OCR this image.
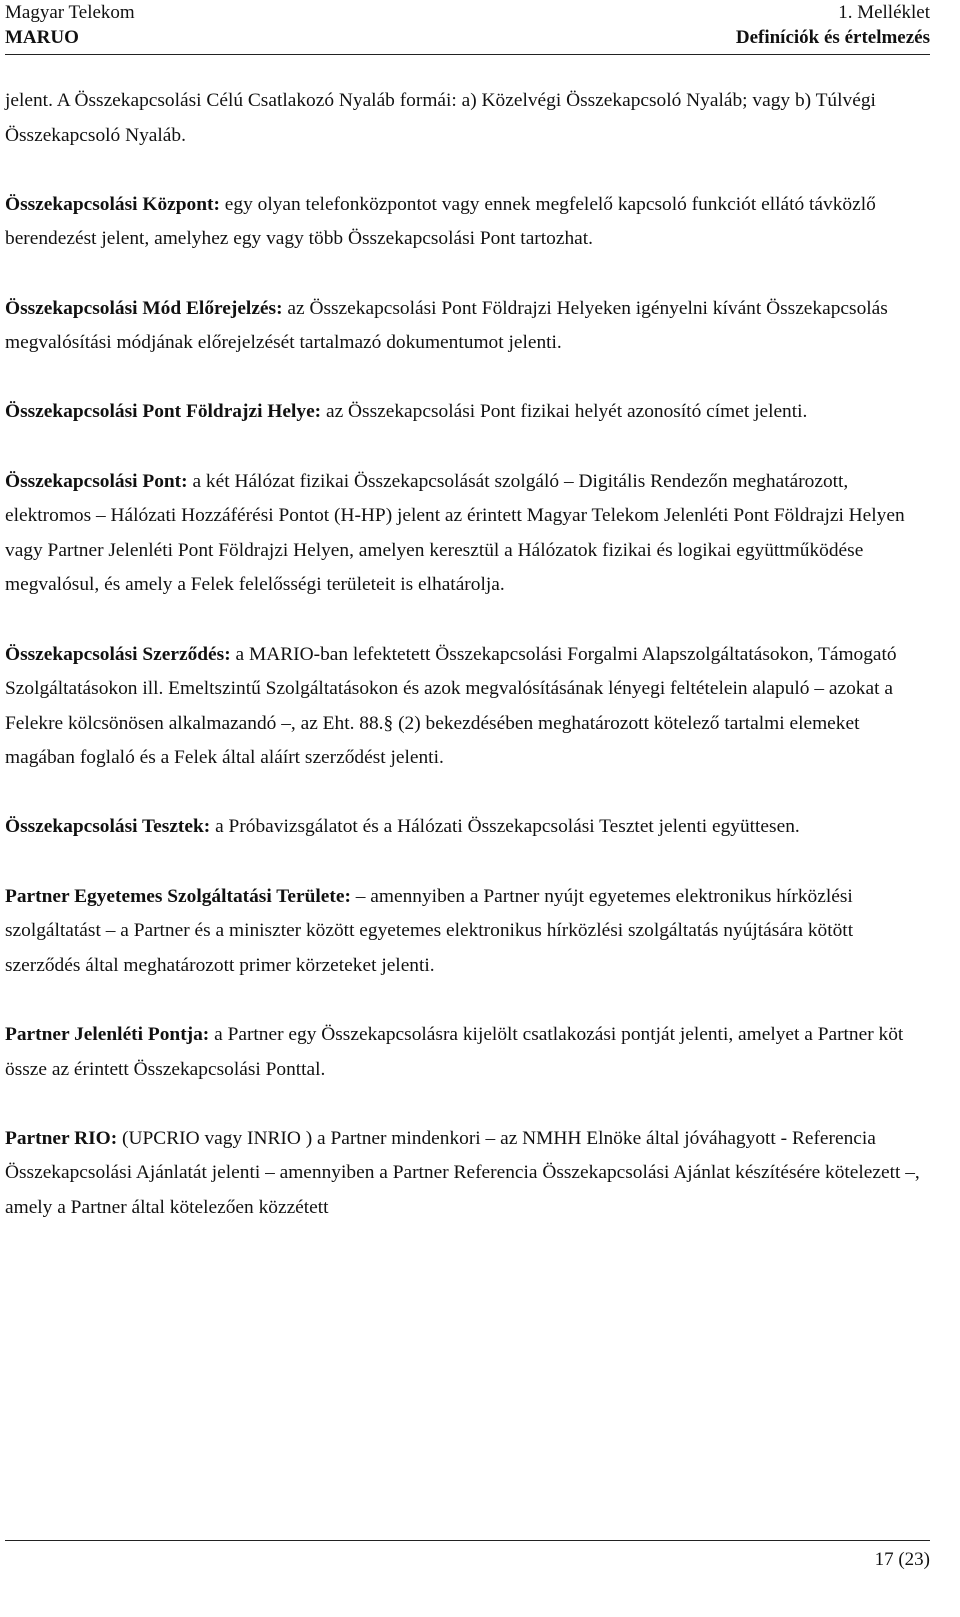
Magyar Telekom	1. Melléklet
MARUO	Definíciók és értelmezés

jelent. A Összekapcsolási Célú Csatlakozó Nyaláb formái: a) Közelvégi Összekapcsoló Nyaláb; vagy b) Túlvégi Összekapcsoló Nyaláb.

Összekapcsolási Központ: egy olyan telefonközpontot vagy ennek megfelelő kapcsoló funkciót ellátó távközlő berendezést jelent, amelyhez egy vagy több Összekapcsolási Pont tartozhat.

Összekapcsolási Mód Előrejelzés: az Összekapcsolási Pont Földrajzi Helyeken igényelni kívánt Összekapcsolás megvalósítási módjának előrejelzését tartalmazó dokumentumot jelenti.

Összekapcsolási Pont Földrajzi Helye: az Összekapcsolási Pont fizikai helyét azonosító címet jelenti.

Összekapcsolási Pont: a két Hálózat fizikai Összekapcsolását szolgáló – Digitális Rendezőn meghatározott, elektromos – Hálózati Hozzáférési Pontot (H-HP) jelent az érintett Magyar Telekom Jelenléti Pont Földrajzi Helyen vagy Partner Jelenléti Pont Földrajzi Helyen, amelyen keresztül a Hálózatok fizikai és logikai együttműködése megvalósul, és amely a Felek felelősségi területeit is elhatárolja.

Összekapcsolási Szerződés: a MARIO-ban lefektetett Összekapcsolási Forgalmi Alapszolgáltatásokon, Támogató Szolgáltatásokon ill. Emeltszintű Szolgáltatásokon és azok megvalósításának lényegi feltételein alapuló – azokat a Felekre kölcsönösen alkalmazandó –, az Eht. 88.§ (2) bekezdésében meghatározott kötelező tartalmi elemeket magában foglaló és a Felek által aláírt szerződést jelenti.

Összekapcsolási Tesztek: a Próbavizsgálatot és a Hálózati Összekapcsolási Tesztet jelenti együttesen.

Partner Egyetemes Szolgáltatási Területe: – amennyiben a Partner nyújt egyetemes elektronikus hírközlési szolgáltatást – a Partner és a miniszter között egyetemes elektronikus hírközlési szolgáltatás nyújtására kötött szerződés által meghatározott primer körzeteket jelenti.

Partner Jelenléti Pontja: a Partner egy Összekapcsolásra kijelölt csatlakozási pontját jelenti, amelyet a Partner köt össze az érintett Összekapcsolási Ponttal.

Partner RIO: (UPCRIO vagy INRIO ) a Partner mindenkori – az NMHH Elnöke által jóváhagyott - Referencia Összekapcsolási Ajánlatát jelenti – amennyiben a Partner Referencia Összekapcsolási Ajánlat készítésére kötelezett –, amely a Partner által kötelezően közzétett

17 (23)
